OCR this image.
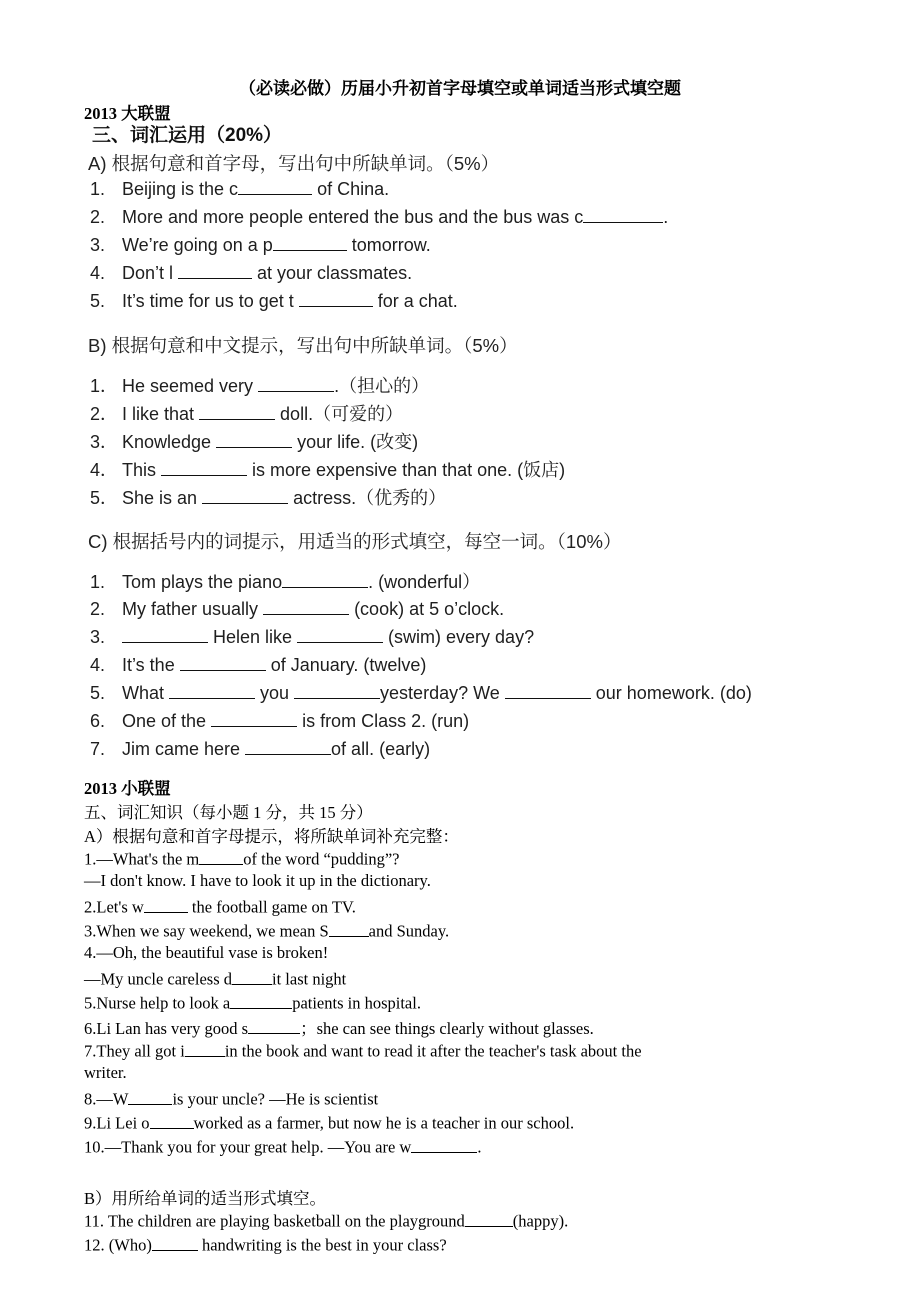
（必读必做）历届小升初首字母填空或单词适当形式填空题
2013 大联盟
三、词汇运用（20%）
A) 根据句意和首字母，写出句中所缺单词。（5%）
B) 根据句意和中文提示，写出句中所缺单词。（5%）
C) 根据括号内的词提示，用适当的形式填空，每空一词。（10%）
1. Beijing is the c	of China.
2. More and more people entered the bus and the bus was c	.
3. We’re going on a p	tomorrow.
4. Don’t l	at your classmates.
5. It’s time for us to get t	for a chat.
1． He seemed very	.（担心的）
2． I like that	doll.（可爱的）
3． Knowledge	your life. (改变)
4． This	is more expensive than that one. (饭店)
5． She is an	actress.（优秀的）
1. Tom plays the piano	. (wonderful）
2. My father usually	(cook) at 5 o’clock.
3.	Helen like	(swim) every day?
4. It’s the	of January. (twelve)
5. What	you	yesterday? We	our homework. (do)
6. One of the	is from Class 2. (run)
7. Jim came here	of all. (early)
2013 小联盟
五、词汇知识（每小题 1 分，共 15 分）
A）根据句意和首字母提示，将所缺单词补充完整：
B）用所给单词的适当形式填空。
1.—What's the m	of the word “pudding”?
—I don't know. I have to look it up in the dictionary.
2.Let's w	the football game on TV.
3.When we say weekend, we mean S and Sunday.
4.—Oh, the beautiful vase is broken!
—My uncle careless d it last night
5.Nurse help to look a	patients in hospital.
6.Li Lan has very good s	；she can see things clearly without glasses.
7.They all got i in the book and want to read it after the teacher's task about the
writer.
8.—W	is your uncle? —He is scientist
9.Li Lei o	worked as a farmer, but now he is a teacher in our school.
10.—Thank you for your great help. —You are w	.
11. The children are playing basketball on the playground	(happy).
12. (Who)	handwriting is the best in your class?
